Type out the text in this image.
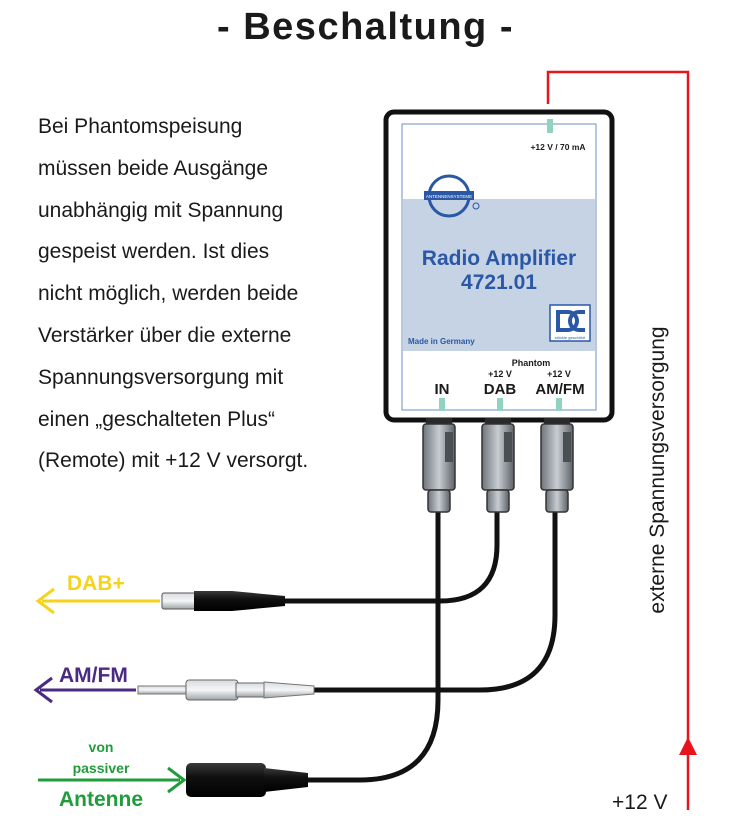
- Beschaltung -

Bei Phantomspeisung
müssen beide Ausgänge
unabhängig mit Spannung
gespeist werden. Ist dies
nicht möglich, werden beide
Verstärker über die externe
Spannungsversorgung mit
einen „geschalteten Plus“
(Remote) mit +12 V versorgt.	externe Spannungsversorgung
+12 V
+12 V / 70 mA
ANTENNENSYSTEME
Radio Amplifier
4721.01
Made in Germany	stöckle geschützt
Phantom
+12 V	+12 V
IN DAB AM/FM
DAB+
AM/FM
von
passiver
Antenne
